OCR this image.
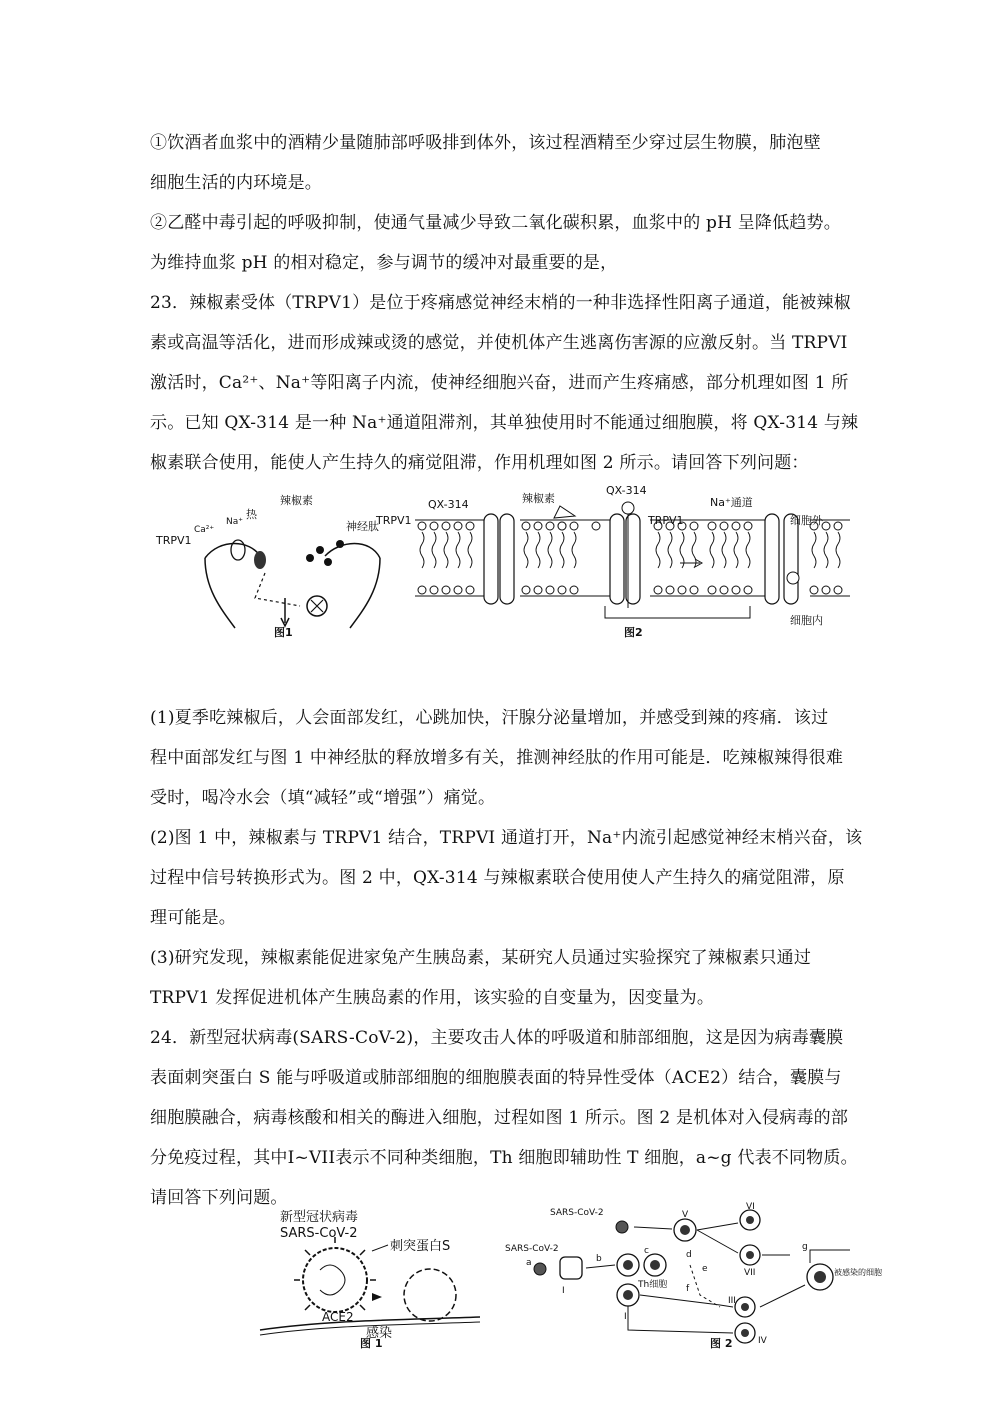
①饮酒者血浆中的酒精少量随肺部呼吸排到体外，该过程酒精至少穿过层生物膜，肺泡壁
细胞生活的内环境是。
②乙醛中毒引起的呼吸抑制，使通气量减少导致二氧化碳积累，血浆中的 pH 呈降低趋势。
为维持血浆 pH 的相对稳定，参与调节的缓冲对最重要的是，
23．辣椒素受体（TRPV1）是位于疼痛感觉神经末梢的一种非选择性阳离子通道，能被辣椒
素或高温等活化，进而形成辣或烫的感觉，并使机体产生逃离伤害源的应激反射。当 TRPVI
激活时，Ca²⁺、Na⁺等阳离子内流，使神经细胞兴奋，进而产生疼痛感，部分机理如图 1 所
示。已知 QX-314 是一种 Na⁺通道阻滞剂，其单独使用时不能通过细胞膜，将 QX-314 与辣
椒素联合使用，能使人产生持久的痛觉阻滞，作用机理如图 2 所示。请回答下列问题：
热
辣椒素
Ca²⁺
Na⁺
TRPV1
神经肽
图1
QX-314
TRPV1
辣椒素
QX-314
TRPV1
Na⁺通道
细胞外
细胞内
图2
(1)夏季吃辣椒后，人会面部发红，心跳加快，汗腺分泌量增加，并感受到辣的疼痛．该过
程中面部发红与图 1 中神经肽的释放增多有关，推测神经肽的作用可能是．吃辣椒辣得很难
受时，喝冷水会（填“减轻”或“增强”）痛觉。
(2)图 1 中，辣椒素与 TRPV1 结合，TRPVI 通道打开，Na⁺内流引起感觉神经末梢兴奋，该
过程中信号转换形式为。图 2 中，QX-314 与辣椒素联合使用使人产生持久的痛觉阻滞，原
理可能是。
(3)研究发现，辣椒素能促进家兔产生胰岛素，某研究人员通过实验探究了辣椒素只通过
TRPV1 发挥促进机体产生胰岛素的作用，该实验的自变量为，因变量为。
24．新型冠状病毒(SARS-CoV-2)，主要攻击人体的呼吸道和肺部细胞，这是因为病毒囊膜
表面刺突蛋白 S 能与呼吸道或肺部细胞的细胞膜表面的特异性受体（ACE2）结合，囊膜与
细胞膜融合，病毒核酸和相关的酶进入细胞，过程如图 1 所示。图 2 是机体对入侵病毒的部
分免疫过程，其中I~VII表示不同种类细胞，Th 细胞即辅助性 T 细胞，a~g 代表不同物质。
请回答下列问题。
新型冠状病毒
SARS-CoV-2
刺突蛋白S
ACE2
感染
图 1
SARS-CoV-2
SARS-CoV-2
I
II
III
IV
V
VI
VII
a	b
c	d
e
f
g
Th细胞
被感染的细胞
图 2
